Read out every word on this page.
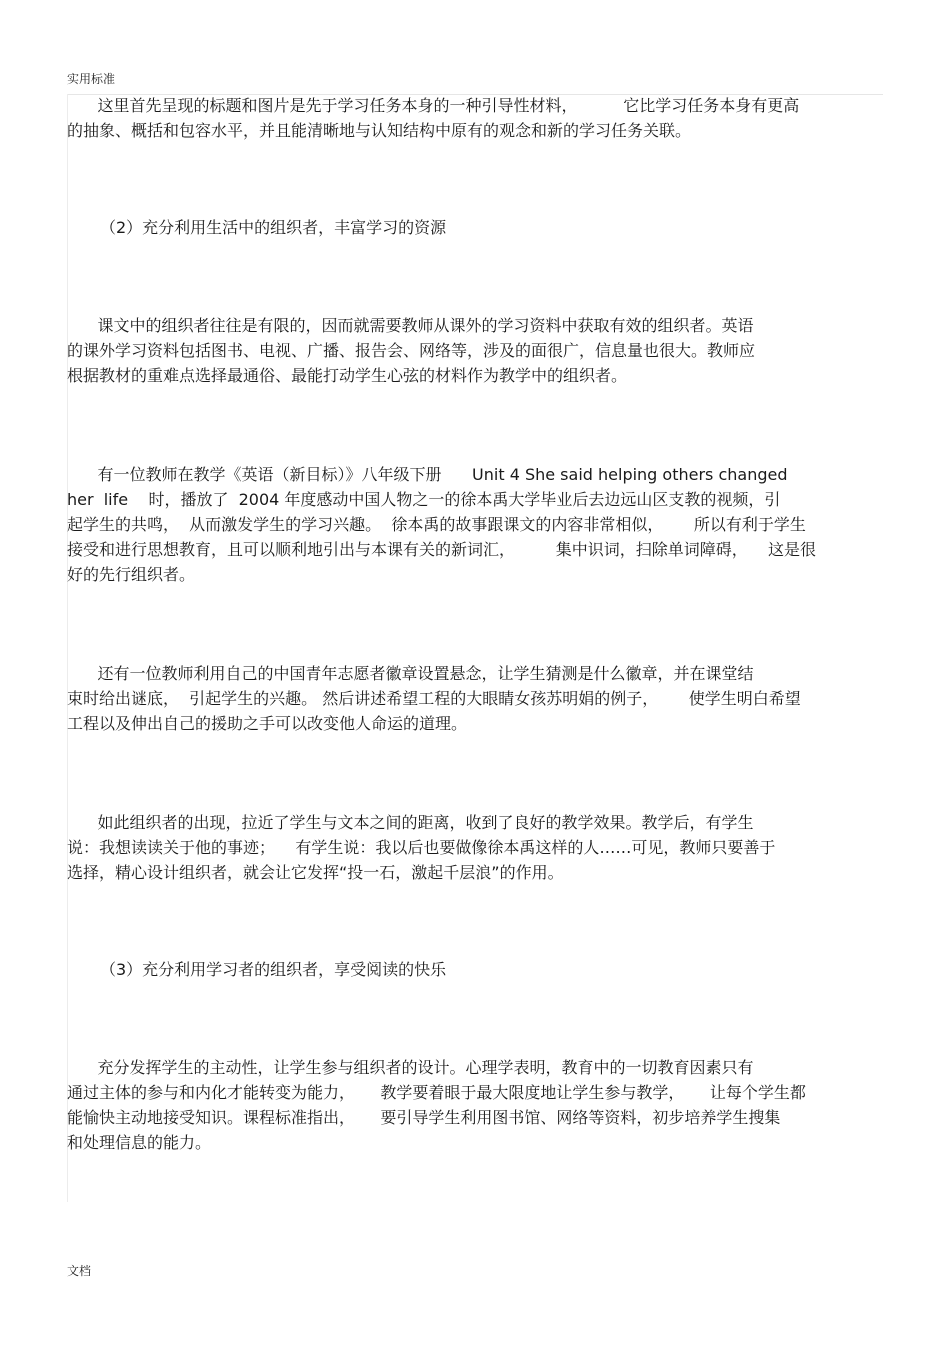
实用标准
这里首先呈现的标题和图片是先于学习任务本身的一种引导性材料，         它比学习任务本身有更高
的抽象、概括和包容水平，并且能清晰地与认知结构中原有的观念和新的学习任务关联。
（2）充分利用生活中的组织者，丰富学习的资源
课文中的组织者往往是有限的，因而就需要教师从课外的学习资料中获取有效的组织者。英语
的课外学习资料包括图书、电视、广播、报告会、网络等，涉及的面很广，信息量也很大。教师应
根据教材的重难点选择最通俗、最能打动学生心弦的材料作为教学中的组织者。
有一位教师在教学《英语（新目标）》八年级下册      Unit 4 She said helping others changed
her  life    时，播放了  2004 年度感动中国人物之一的徐本禹大学毕业后去边远山区支教的视频，引
起学生的共鸣，  从而激发学生的学习兴趣。  徐本禹的故事跟课文的内容非常相似，      所以有利于学生
接受和进行思想教育，且可以顺利地引出与本课有关的新词汇，        集中识词，扫除单词障碍，    这是很
好的先行组织者。
还有一位教师利用自己的中国青年志愿者徽章设置悬念，让学生猜测是什么徽章，并在课堂结
束时给出谜底，  引起学生的兴趣。 然后讲述希望工程的大眼睛女孩苏明娟的例子，      使学生明白希望
工程以及伸出自己的援助之手可以改变他人命运的道理。
如此组织者的出现，拉近了学生与文本之间的距离，收到了良好的教学效果。教学后，有学生
说：我想读读关于他的事迹；    有学生说：我以后也要做像徐本禹这样的人……可见，教师只要善于
选择，精心设计组织者，就会让它发挥“投一石，激起千层浪”的作用。
（3）充分利用学习者的组织者，享受阅读的快乐
充分发挥学生的主动性，让学生参与组织者的设计。心理学表明，教育中的一切教育因素只有
通过主体的参与和内化才能转变为能力，     教学要着眼于最大限度地让学生参与教学，     让每个学生都
能愉快主动地接受知识。课程标准指出，     要引导学生利用图书馆、网络等资料，初步培养学生搜集
和处理信息的能力。
文档
